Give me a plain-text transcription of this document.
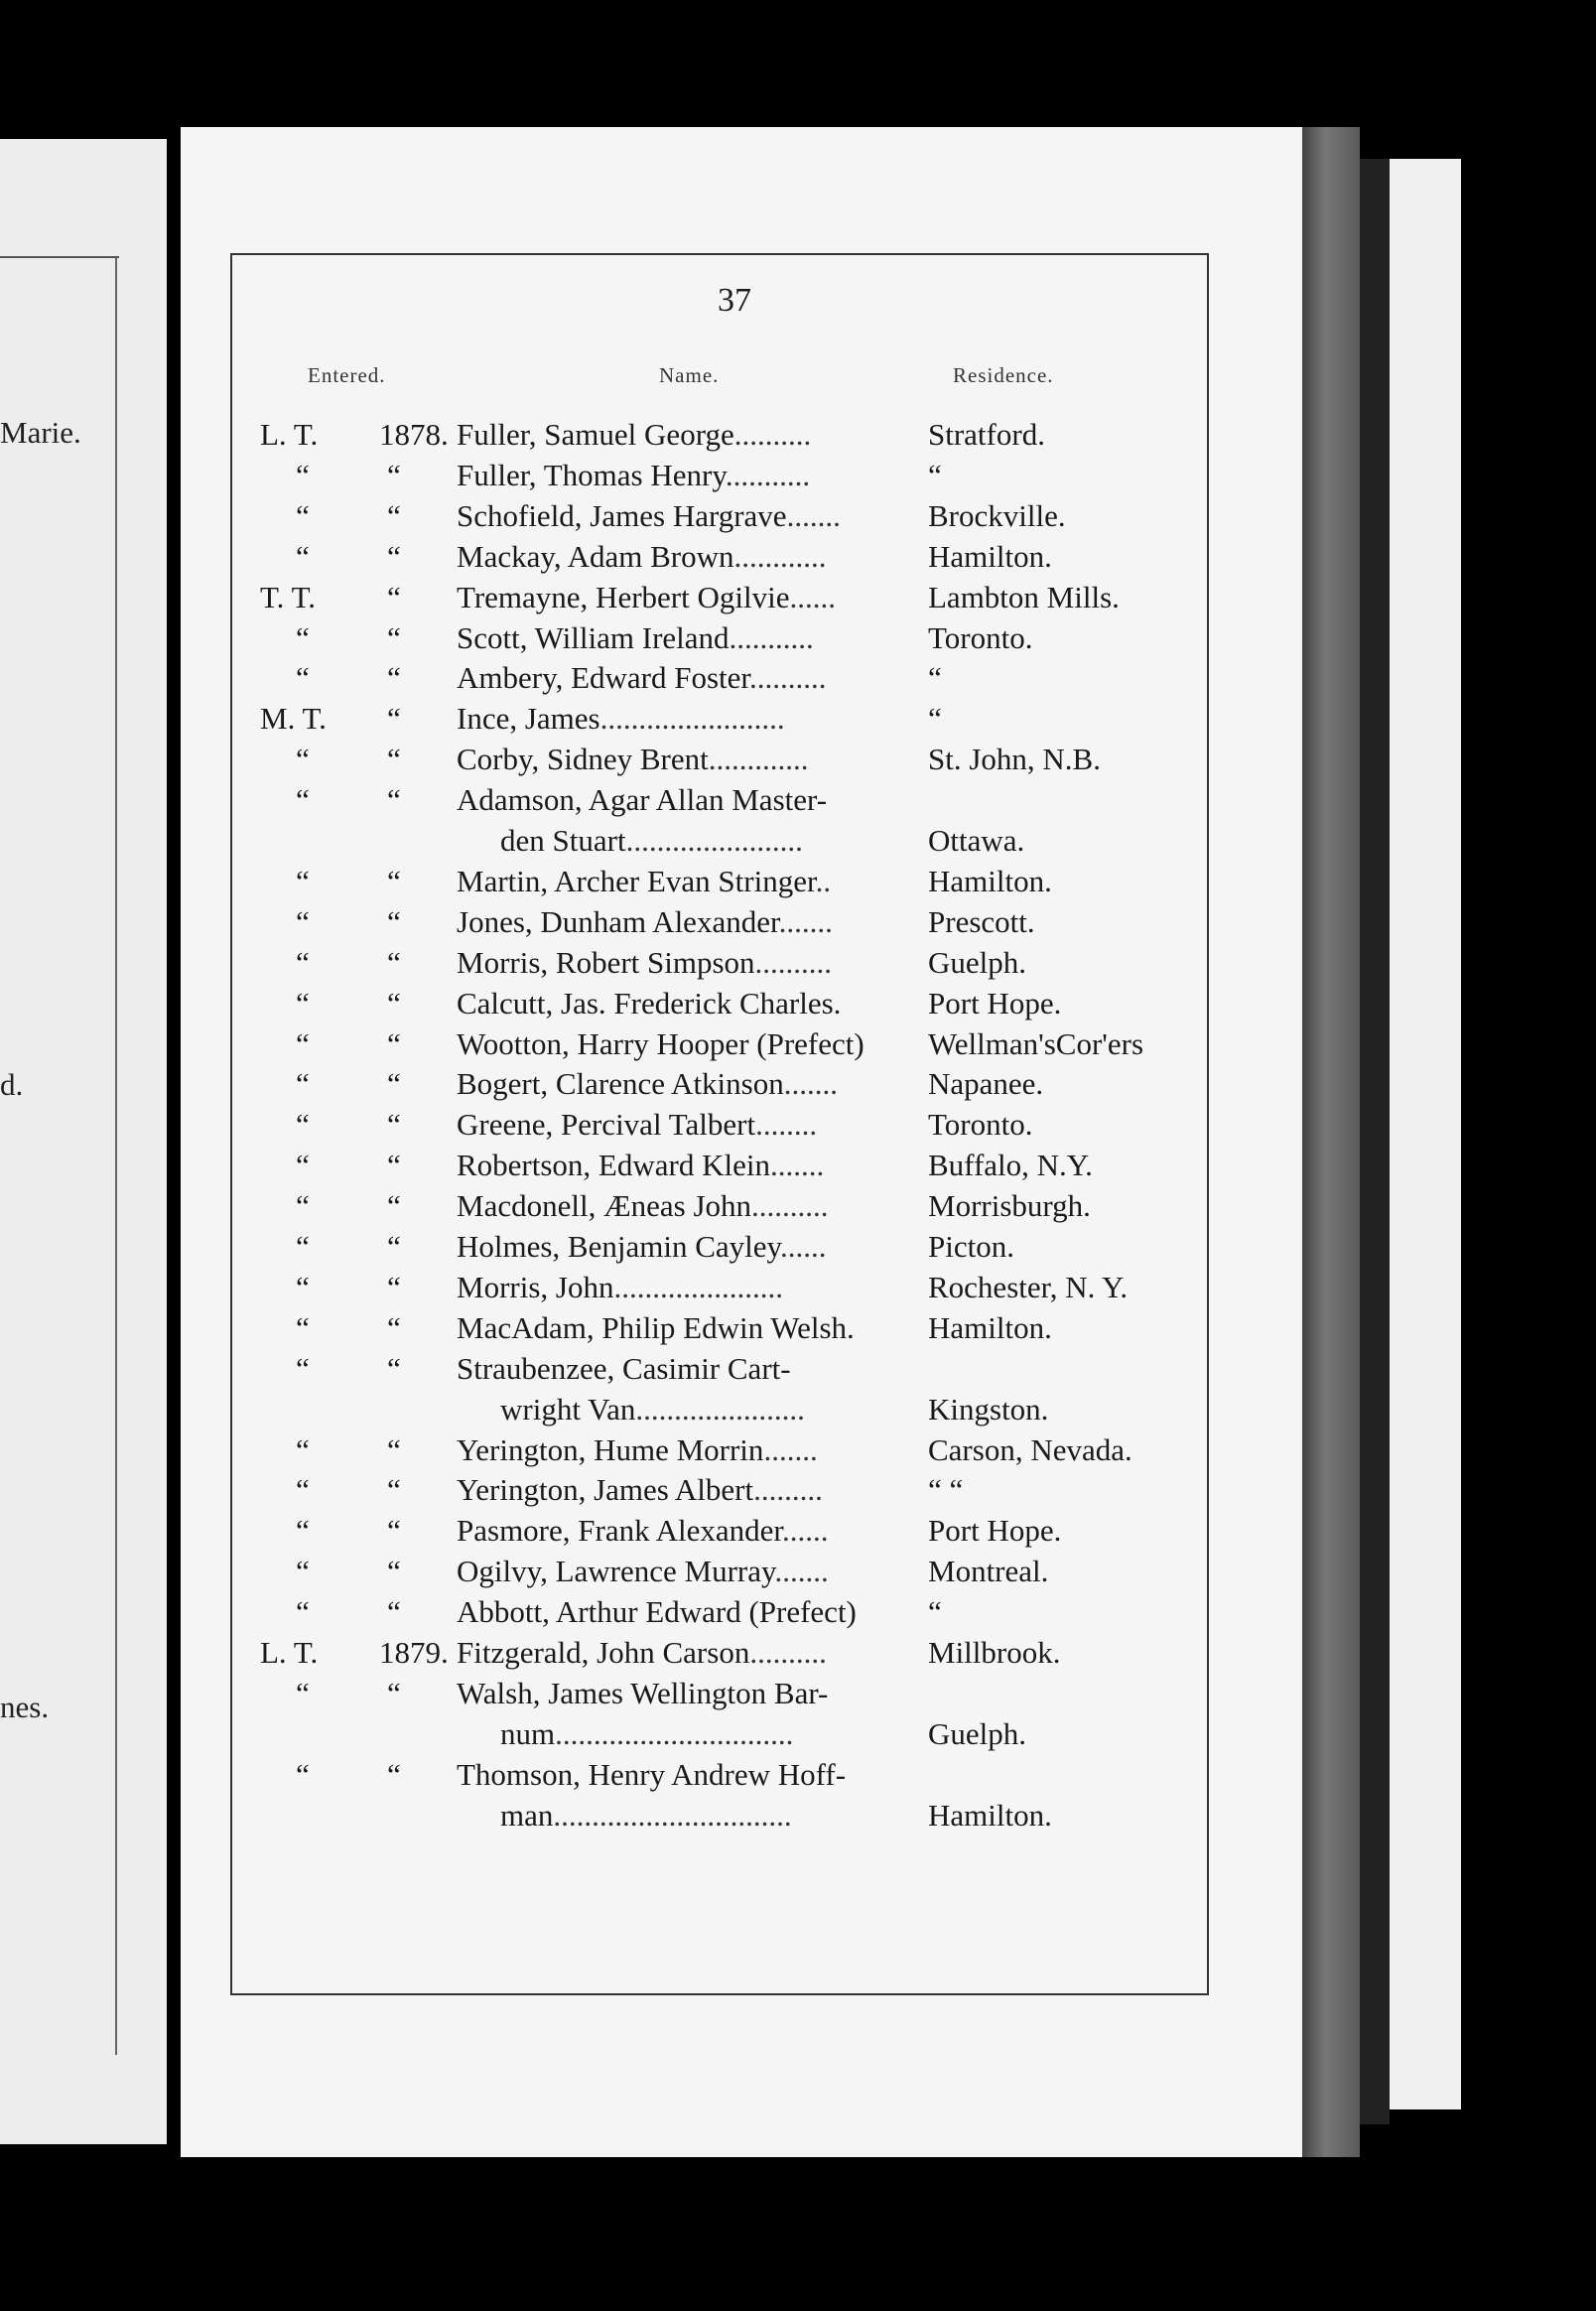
Marie.
d.
nes.
37
Entered.	Name.	Residence.
L. T.	1878. Fuller, Samuel George..........	Stratford.
“	“	Fuller, Thomas Henry...........	“
“	“	Schofield, James Hargrave.......	Brockville.
“	“	Mackay, Adam Brown............	Hamilton.
T. T.	“	Tremayne, Herbert Ogilvie......	Lambton Mills.
“	“	Scott, William Ireland...........	Toronto.
“	“	Ambery, Edward Foster..........	“
M. T.	“	Ince, James........................	“
“	“	Corby, Sidney Brent.............	St. John, N.B.
“	“	Adamson, Agar Allan Master-
den Stuart.......................	Ottawa.
“	“	Martin, Archer Evan Stringer..	Hamilton.
“	“	Jones, Dunham Alexander.......	Prescott.
“	“	Morris, Robert Simpson..........	Guelph.
“	“	Calcutt, Jas. Frederick Charles.	Port Hope.
“	“	Wootton, Harry Hooper (Prefect) Wellman'sCor'ers
“	“	Bogert, Clarence Atkinson.......	Napanee.
“	“	Greene, Percival Talbert........	Toronto.
“	“	Robertson, Edward Klein.......	Buffalo, N.Y.
“	“	Macdonell, Æneas John..........	Morrisburgh.
“	“	Holmes, Benjamin Cayley......	Picton.
“	“	Morris, John......................	Rochester, N. Y.
“	“	MacAdam, Philip Edwin Welsh. Hamilton.
“	“	Straubenzee, Casimir Cart-
wright Van......................	Kingston.
“	“	Yerington, Hume Morrin.......	Carson, Nevada.
“	“	Yerington, James Albert.........	“ “
“	“	Pasmore, Frank Alexander......	Port Hope.
“	“	Ogilvy, Lawrence Murray.......	Montreal.
“	“	Abbott, Arthur Edward (Prefect) “
L. T.	1879. Fitzgerald, John Carson..........	Millbrook.
“	“	Walsh, James Wellington Bar-
num...............................	Guelph.
“	“	Thomson, Henry Andrew Hoff-
man...............................	Hamilton.
